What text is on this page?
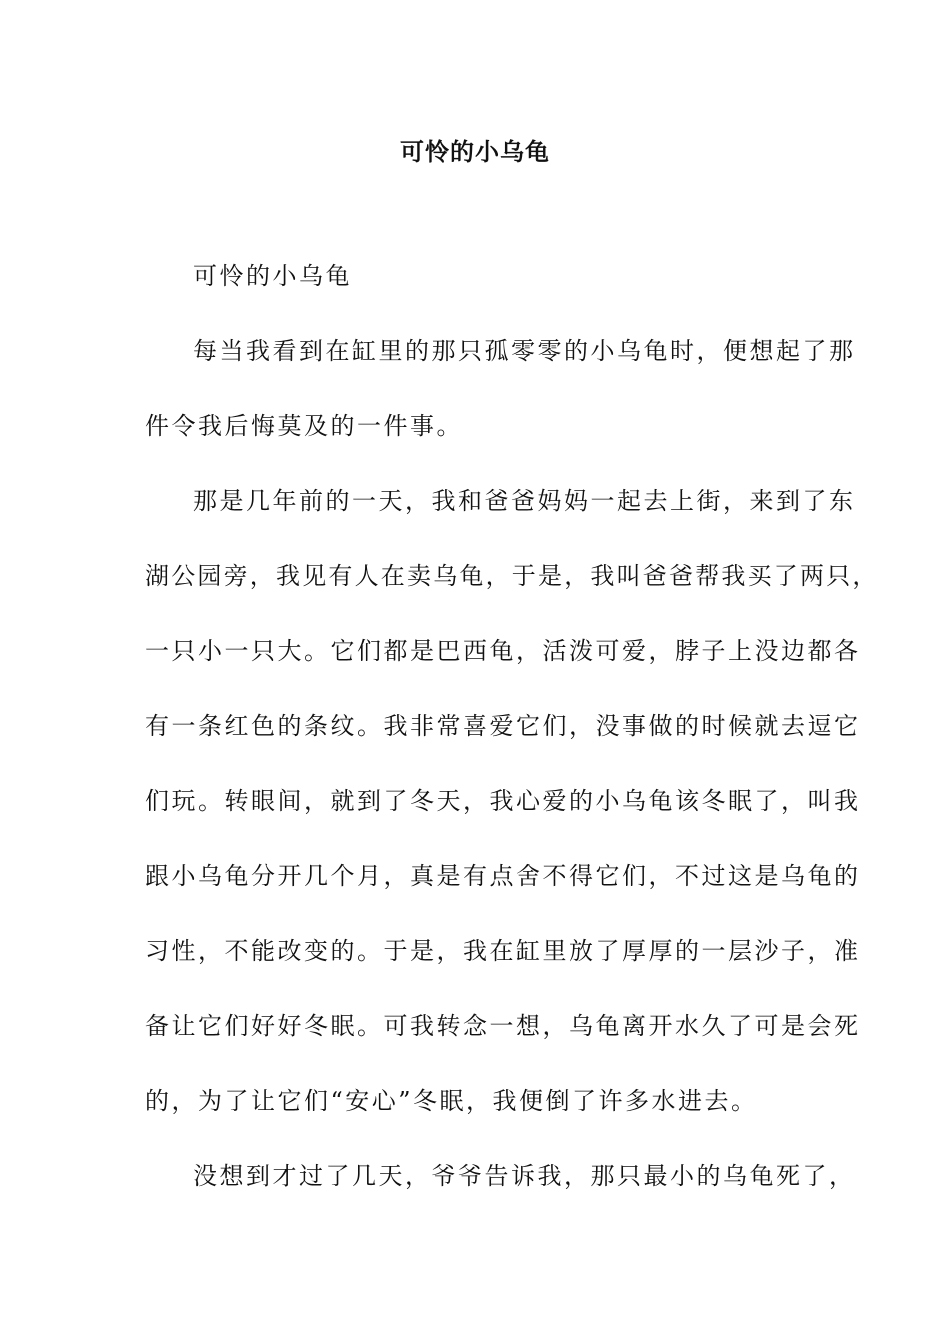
可怜的小乌龟
可怜的小乌龟
每当我看到在缸里的那只孤零零的小乌龟时，便想起了那
件令我后悔莫及的一件事。
那是几年前的一天，我和爸爸妈妈一起去上街，来到了东
湖公园旁，我见有人在卖乌龟，于是，我叫爸爸帮我买了两只，
一只小一只大。它们都是巴西龟，活泼可爱，脖子上没边都各
有一条红色的条纹。我非常喜爱它们，没事做的时候就去逗它
们玩。转眼间，就到了冬天，我心爱的小乌龟该冬眠了，叫我
跟小乌龟分开几个月，真是有点舍不得它们，不过这是乌龟的
习性，不能改变的。于是，我在缸里放了厚厚的一层沙子，准
备让它们好好冬眠。可我转念一想，乌龟离开水久了可是会死
的，为了让它们“安心”冬眠，我便倒了许多水进去。
没想到才过了几天，爷爷告诉我，那只最小的乌龟死了，
